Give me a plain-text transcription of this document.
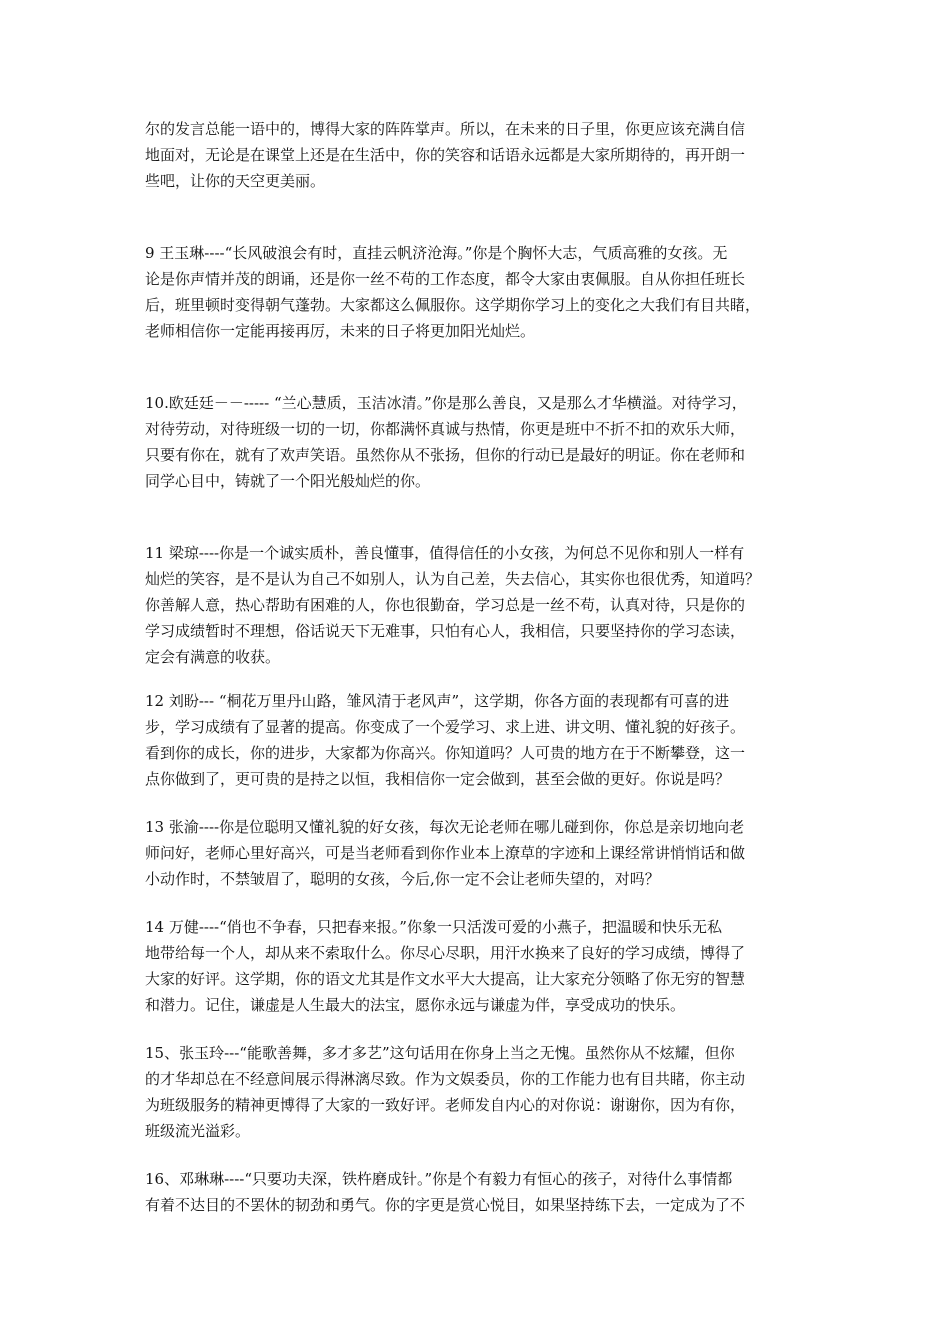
尔的发言总能一语中的，博得大家的阵阵掌声。所以，在未来的日子里，你更应该充满自信
地面对，无论是在课堂上还是在生活中，你的笑容和话语永远都是大家所期待的，再开朗一
些吧，让你的天空更美丽。
9 王玉琳----“长风破浪会有时，直挂云帆济沧海。”你是个胸怀大志，气质高雅的女孩。无
论是你声情并茂的朗诵，还是你一丝不苟的工作态度，都令大家由衷佩服。自从你担任班长
后，班里顿时变得朝气蓬勃。大家都这么佩服你。这学期你学习上的变化之大我们有目共睹，
老师相信你一定能再接再厉，未来的日子将更加阳光灿烂。
10.欧廷廷－－----- “兰心慧质，玉洁冰清。”你是那么善良，又是那么才华横溢。对待学习，
对待劳动，对待班级一切的一切，你都满怀真诚与热情，你更是班中不折不扣的欢乐大师，
只要有你在，就有了欢声笑语。虽然你从不张扬，但你的行动已是最好的明证。你在老师和
同学心目中，铸就了一个阳光般灿烂的你。
11 梁琼----你是一个诚实质朴，善良懂事，值得信任的小女孩，为何总不见你和别人一样有
灿烂的笑容，是不是认为自己不如别人，认为自己差，失去信心，其实你也很优秀，知道吗？
你善解人意，热心帮助有困难的人，你也很勤奋，学习总是一丝不苟，认真对待，只是你的
学习成绩暂时不理想，俗话说天下无难事，只怕有心人，我相信，只要坚持你的学习态读，
定会有满意的收获。
12 刘盼--- “桐花万里丹山路，雏风清于老风声”，这学期，你各方面的表现都有可喜的进
步，学习成绩有了显著的提高。你变成了一个爱学习、求上进、讲文明、懂礼貌的好孩子。
看到你的成长，你的进步，大家都为你高兴。你知道吗？人可贵的地方在于不断攀登，这一
点你做到了，更可贵的是持之以恒，我相信你一定会做到，甚至会做的更好。你说是吗？
13 张渝----你是位聪明又懂礼貌的好女孩，每次无论老师在哪儿碰到你，你总是亲切地向老
师问好，老师心里好高兴，可是当老师看到你作业本上潦草的字迹和上课经常讲悄悄话和做
小动作时，不禁皱眉了，聪明的女孩，今后,你一定不会让老师失望的，对吗？
14 万健----“俏也不争春，只把春来报。”你象一只活泼可爱的小燕子，把温暖和快乐无私
地带给每一个人，却从来不索取什么。你尽心尽职，用汗水换来了良好的学习成绩，博得了
大家的好评。这学期，你的语文尤其是作文水平大大提高，让大家充分领略了你无穷的智慧
和潜力。记住，谦虚是人生最大的法宝，愿你永远与谦虚为伴，享受成功的快乐。
15、张玉玲---“能歌善舞，多才多艺”这句话用在你身上当之无愧。虽然你从不炫耀，但你
的才华却总在不经意间展示得淋漓尽致。作为文娱委员，你的工作能力也有目共睹，你主动
为班级服务的精神更博得了大家的一致好评。老师发自内心的对你说：谢谢你，因为有你，
班级流光溢彩。
16、邓琳琳----“只要功夫深，铁杵磨成针。”你是个有毅力有恒心的孩子，对待什么事情都
有着不达目的不罢休的韧劲和勇气。你的字更是赏心悦目，如果坚持练下去，一定成为了不
